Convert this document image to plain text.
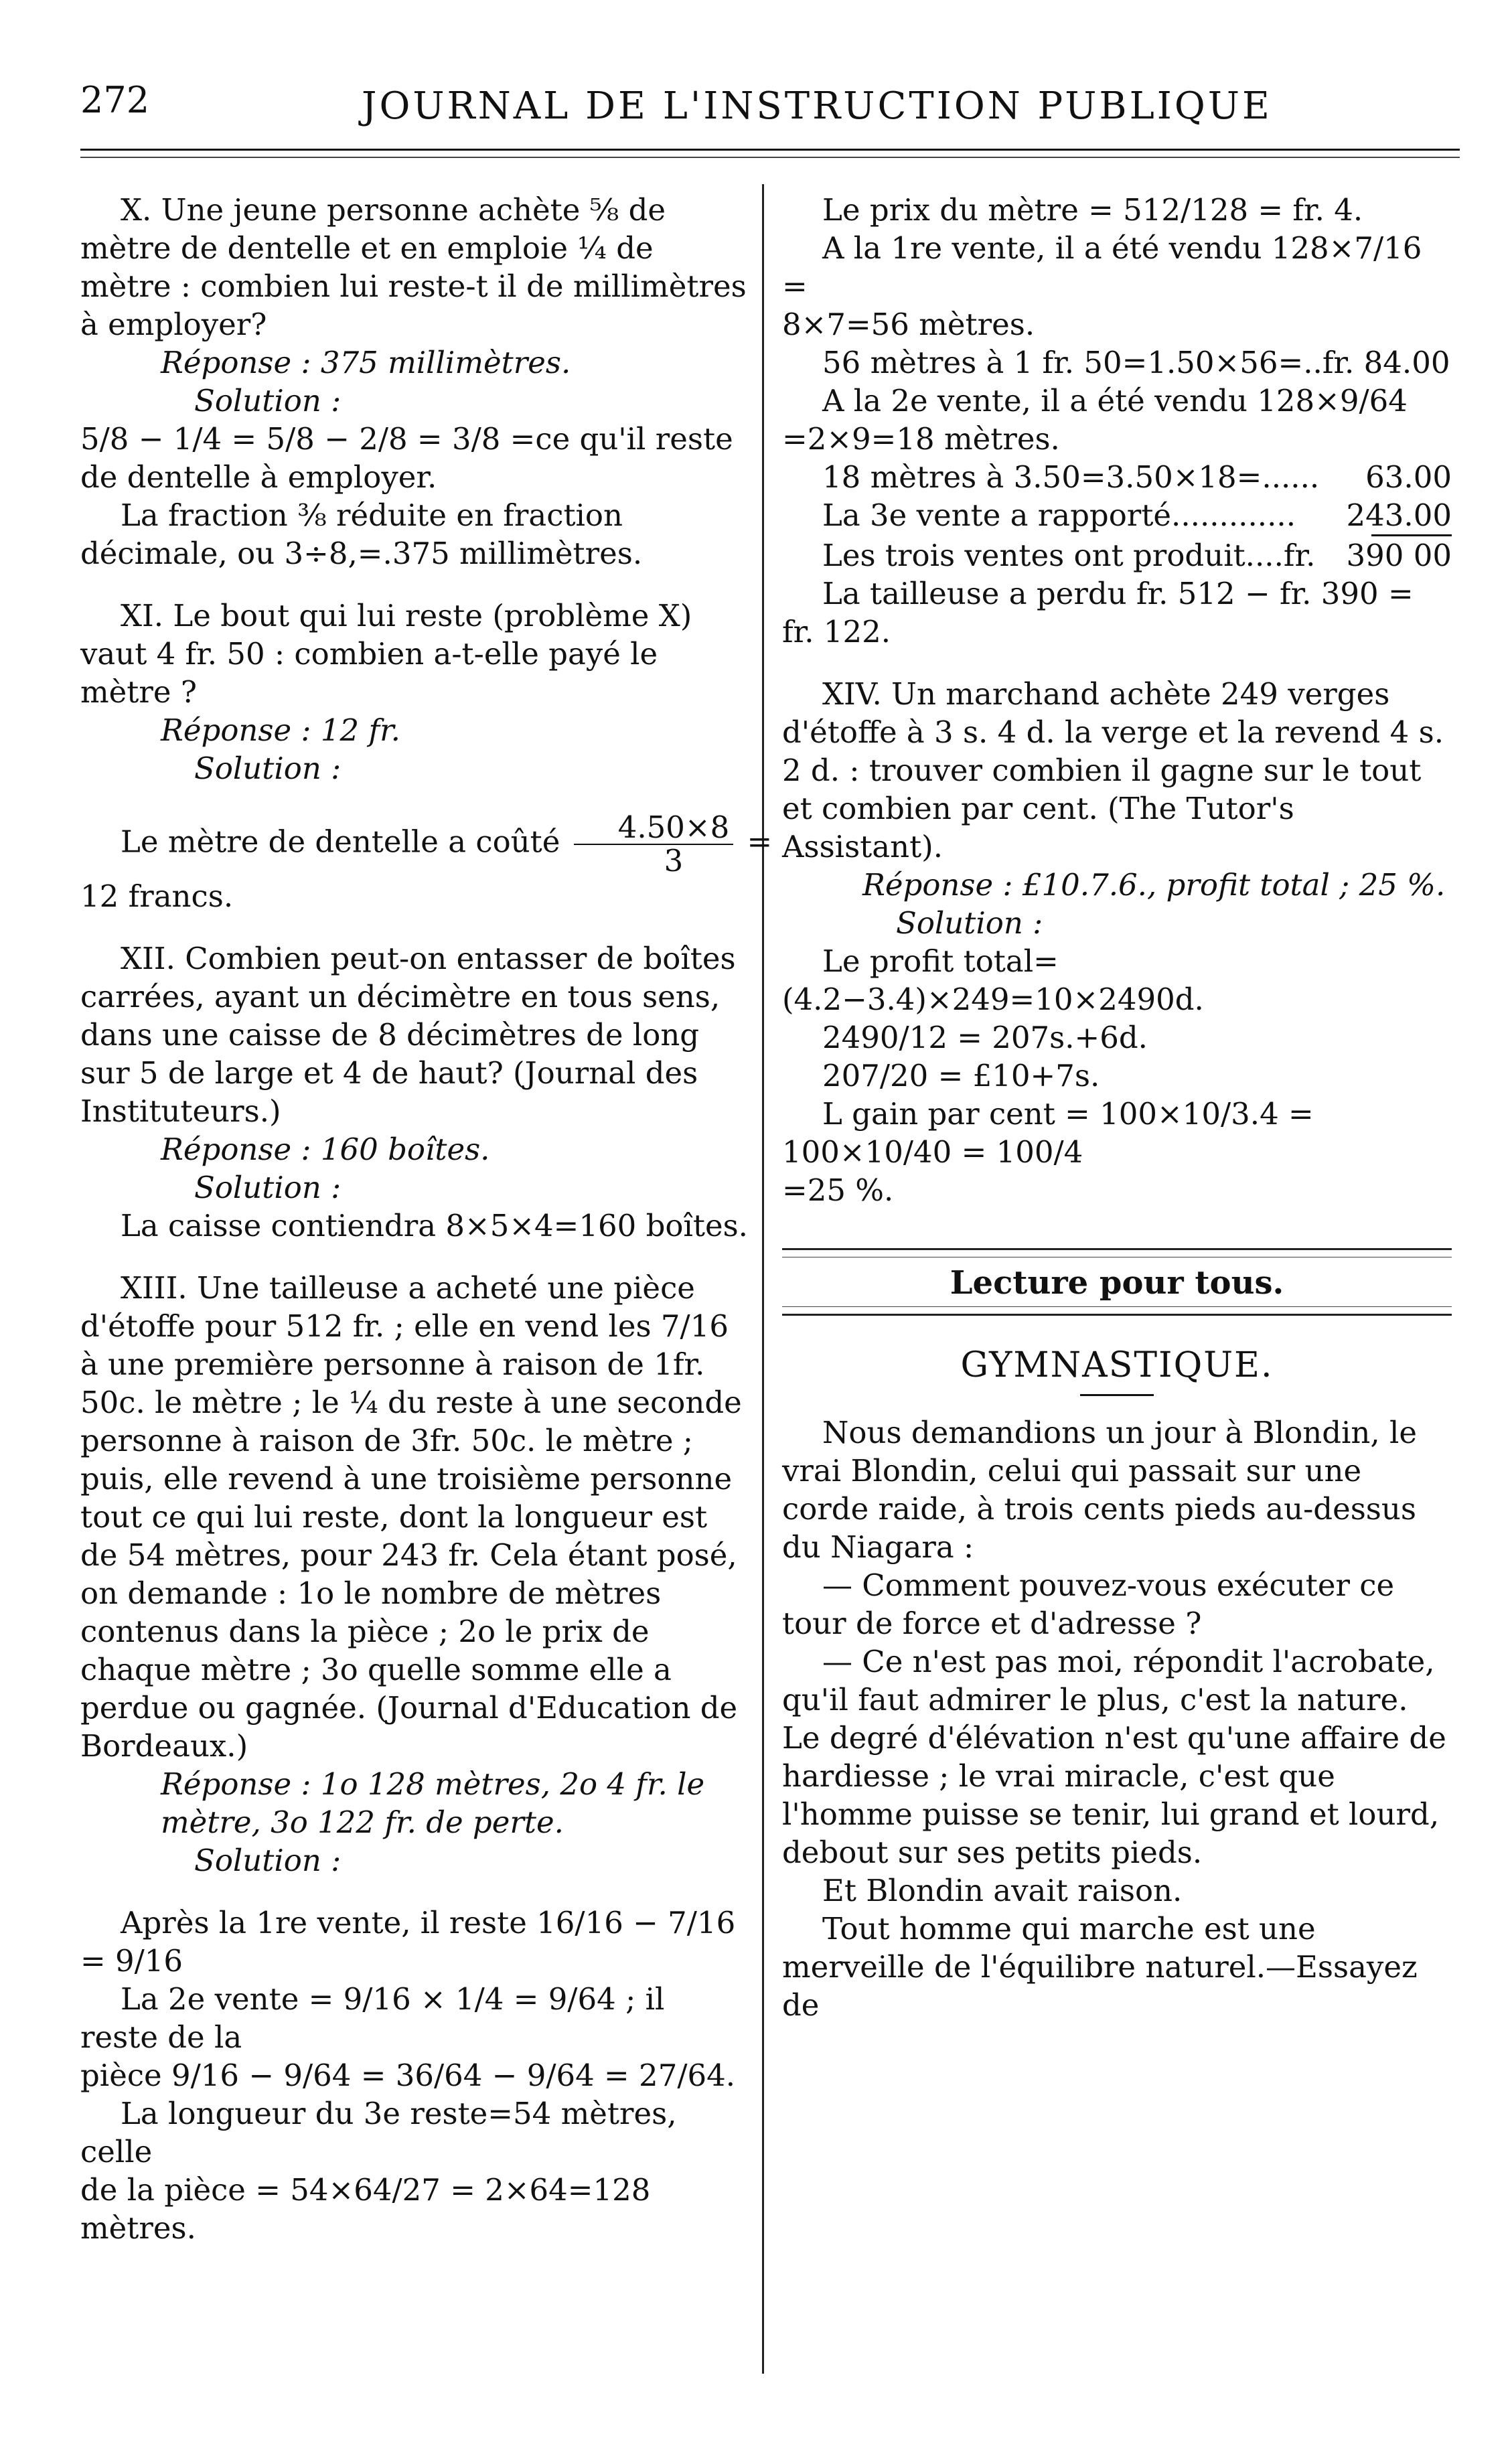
272	JOURNAL DE L'INSTRUCTION PUBLIQUE

X. Une jeune personne achète ⅝ de mètre de dentelle et en emploie ¼ de mètre : combien lui reste-t il de millimètres à employer?

Réponse : 375 millimètres.

Solution :

5/8 − 1/4 = 5/8 − 2/8 = 3/8 =ce qu'il reste de dentelle à employer.

La fraction ⅜ réduite en fraction décimale, ou 3÷8,=.375 millimètres.

XI. Le bout qui lui reste (problème X) vaut 4 fr. 50 : combien a-t-elle payé le mètre ?

Réponse : 12 fr.

Solution :

Le mètre de dentelle a coûté $\frac{4.50\times 8}{3}$ =

12 francs.

XII. Combien peut-on entasser de boîtes carrées, ayant un décimètre en tous sens, dans une caisse de 8 décimètres de long sur 5 de large et 4 de haut? (Journal des Instituteurs.)

Réponse : 160 boîtes.

Solution :

La caisse contiendra 8×5×4=160 boîtes.

XIII. Une tailleuse a acheté une pièce d'étoffe pour 512 fr. ; elle en vend les 7/16 à une première personne à raison de 1fr. 50c. le mètre ; le ¼ du reste à une seconde personne à raison de 3fr. 50c. le mètre ; puis, elle revend à une troisième personne tout ce qui lui reste, dont la longueur est de 54 mètres, pour 243 fr. Cela étant posé, on demande : 1o le nombre de mètres contenus dans la pièce ; 2o le prix de chaque mètre ; 3o quelle somme elle a perdue ou gagnée. (Journal d'Education de Bordeaux.)

Réponse : 1o 128 mètres, 2o 4 fr. le mètre, 3o 122 fr. de perte.

Solution :

Après la 1re vente, il reste 16/16 − 7/16 = 9/16

La 2e vente = 9/16 × 1/4 = 9/64 ; il reste de la

pièce 9/16 − 9/64 = 36/64 − 9/64 = 27/64.

La longueur du 3e reste=54 mètres, celle

de la pièce = 54×64/27 = 2×64=128 mètres.

Le prix du mètre = 512/128 = fr. 4.

A la 1re vente, il a été vendu 128×7/16 =

8×7=56 mètres.

56 mètres à 1 fr. 50=1.50×56=..fr. 84.00

A la 2e vente, il a été vendu 128×9/64

=2×9=18 mètres.

18 mètres à 3.50=3.50×18=...... 63.00
La 3e vente a rapporté............. 243.00
Les trois ventes ont produit....fr. 390 00

La tailleuse a perdu fr. 512 − fr. 390 = fr. 122.

XIV. Un marchand achète 249 verges d'étoffe à 3 s. 4 d. la verge et la revend 4 s. 2 d. : trouver combien il gagne sur le tout et combien par cent. (The Tutor's Assistant).

Réponse : £10.7.6., profit total ; 25 %.

Solution :

Le profit total=(4.2−3.4)×249=10×2490d.

2490/12 = 207s.+6d.

207/20 = £10+7s.

L gain par cent = 100×10/3.4 = 100×10/40 = 100/4

=25 %.

Lecture pour tous.

GYMNASTIQUE.

Nous demandions un jour à Blondin, le vrai Blondin, celui qui passait sur une corde raide, à trois cents pieds au-dessus du Niagara :

— Comment pouvez-vous exécuter ce tour de force et d'adresse ?

— Ce n'est pas moi, répondit l'acrobate, qu'il faut admirer le plus, c'est la nature. Le degré d'élévation n'est qu'une affaire de hardiesse ; le vrai miracle, c'est que l'homme puisse se tenir, lui grand et lourd, debout sur ses petits pieds.

Et Blondin avait raison.

Tout homme qui marche est une merveille de l'équilibre naturel.—Essayez de
